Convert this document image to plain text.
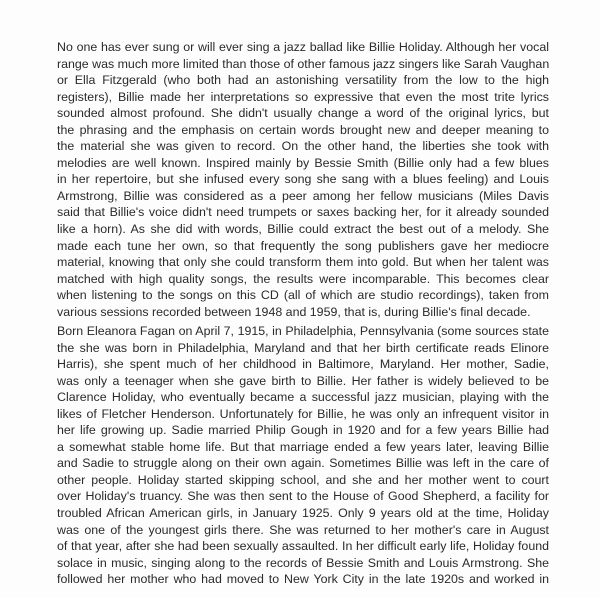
No one has ever sung or will ever sing a jazz ballad like Billie Holiday. Although her vocal
range was much more limited than those of other famous jazz singers like Sarah Vaughan
or Ella Fitzgerald (who both had an astonishing versatility from the low to the high
registers), Billie made her interpretations so expressive that even the most trite lyrics
sounded almost profound. She didn't usually change a word of the original lyrics, but
the phrasing and the emphasis on certain words brought new and deeper meaning to
the material she was given to record. On the other hand, the liberties she took with
melodies are well known. Inspired mainly by Bessie Smith (Billie only had a few blues
in her repertoire, but she infused every song she sang with a blues feeling) and Louis
Armstrong, Billie was considered as a peer among her fellow musicians (Miles Davis
said that Billie's voice didn't need trumpets or saxes backing her, for it already sounded
like a horn). As she did with words, Billie could extract the best out of a melody. She
made each tune her own, so that frequently the song publishers gave her mediocre
material, knowing that only she could transform them into gold. But when her talent was
matched with high quality songs, the results were incomparable. This becomes clear
when listening to the songs on this CD (all of which are studio recordings), taken from
various sessions recorded between 1948 and 1959, that is, during Billie's final decade.
Born Eleanora Fagan on April 7, 1915, in Philadelphia, Pennsylvania (some sources state
the she was born in Philadelphia, Maryland and that her birth certificate reads Elinore
Harris), she spent much of her childhood in Baltimore, Maryland. Her mother, Sadie,
was only a teenager when she gave birth to Billie. Her father is widely believed to be
Clarence Holiday, who eventually became a successful jazz musician, playing with the
likes of Fletcher Henderson. Unfortunately for Billie, he was only an infrequent visitor in
her life growing up. Sadie married Philip Gough in 1920 and for a few years Billie had
a somewhat stable home life. But that marriage ended a few years later, leaving Billie
and Sadie to struggle along on their own again. Sometimes Billie was left in the care of
other people. Holiday started skipping school, and she and her mother went to court
over Holiday's truancy. She was then sent to the House of Good Shepherd, a facility for
troubled African American girls, in January 1925. Only 9 years old at the time, Holiday
was one of the youngest girls there. She was returned to her mother's care in August
of that year, after she had been sexually assaulted. In her difficult early life, Holiday found
solace in music, singing along to the records of Bessie Smith and Louis Armstrong. She
followed her mother who had moved to New York City in the late 1920s and worked in
